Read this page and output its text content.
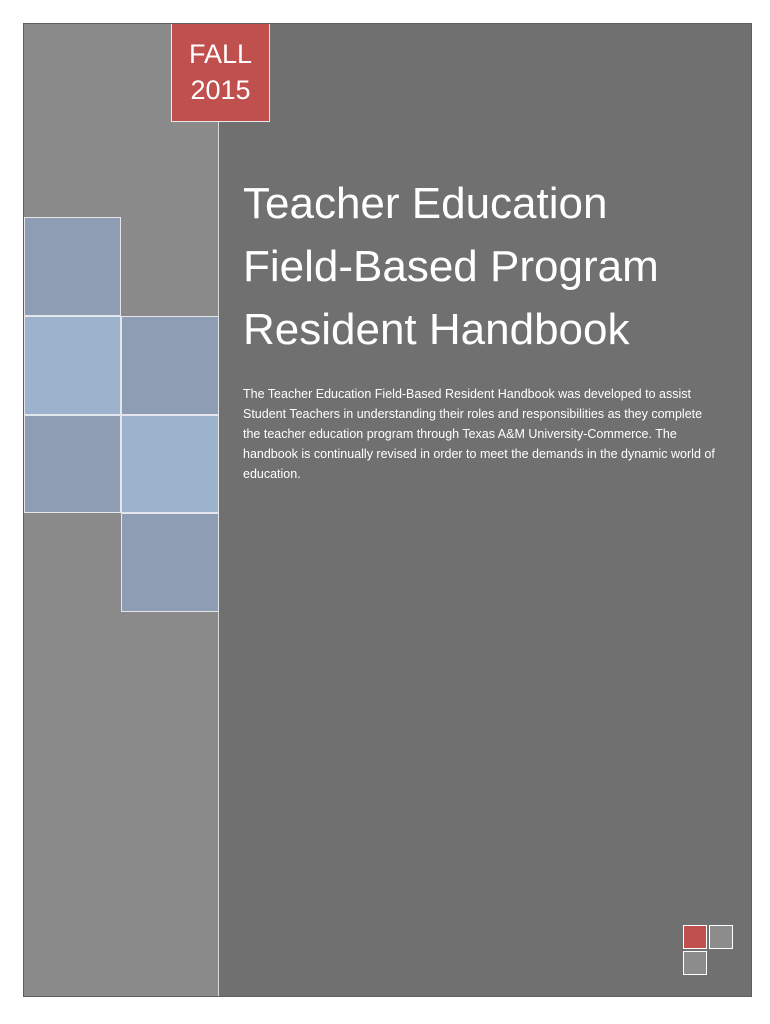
FALL
2015
Teacher Education
Field-Based Program
Resident Handbook

The Teacher Education Field-Based Resident Handbook was developed to assist Student Teachers in understanding their roles and responsibilities as they complete the teacher education program through Texas A&M University-Commerce. The handbook is continually revised in order to meet the demands in the dynamic world of education.
